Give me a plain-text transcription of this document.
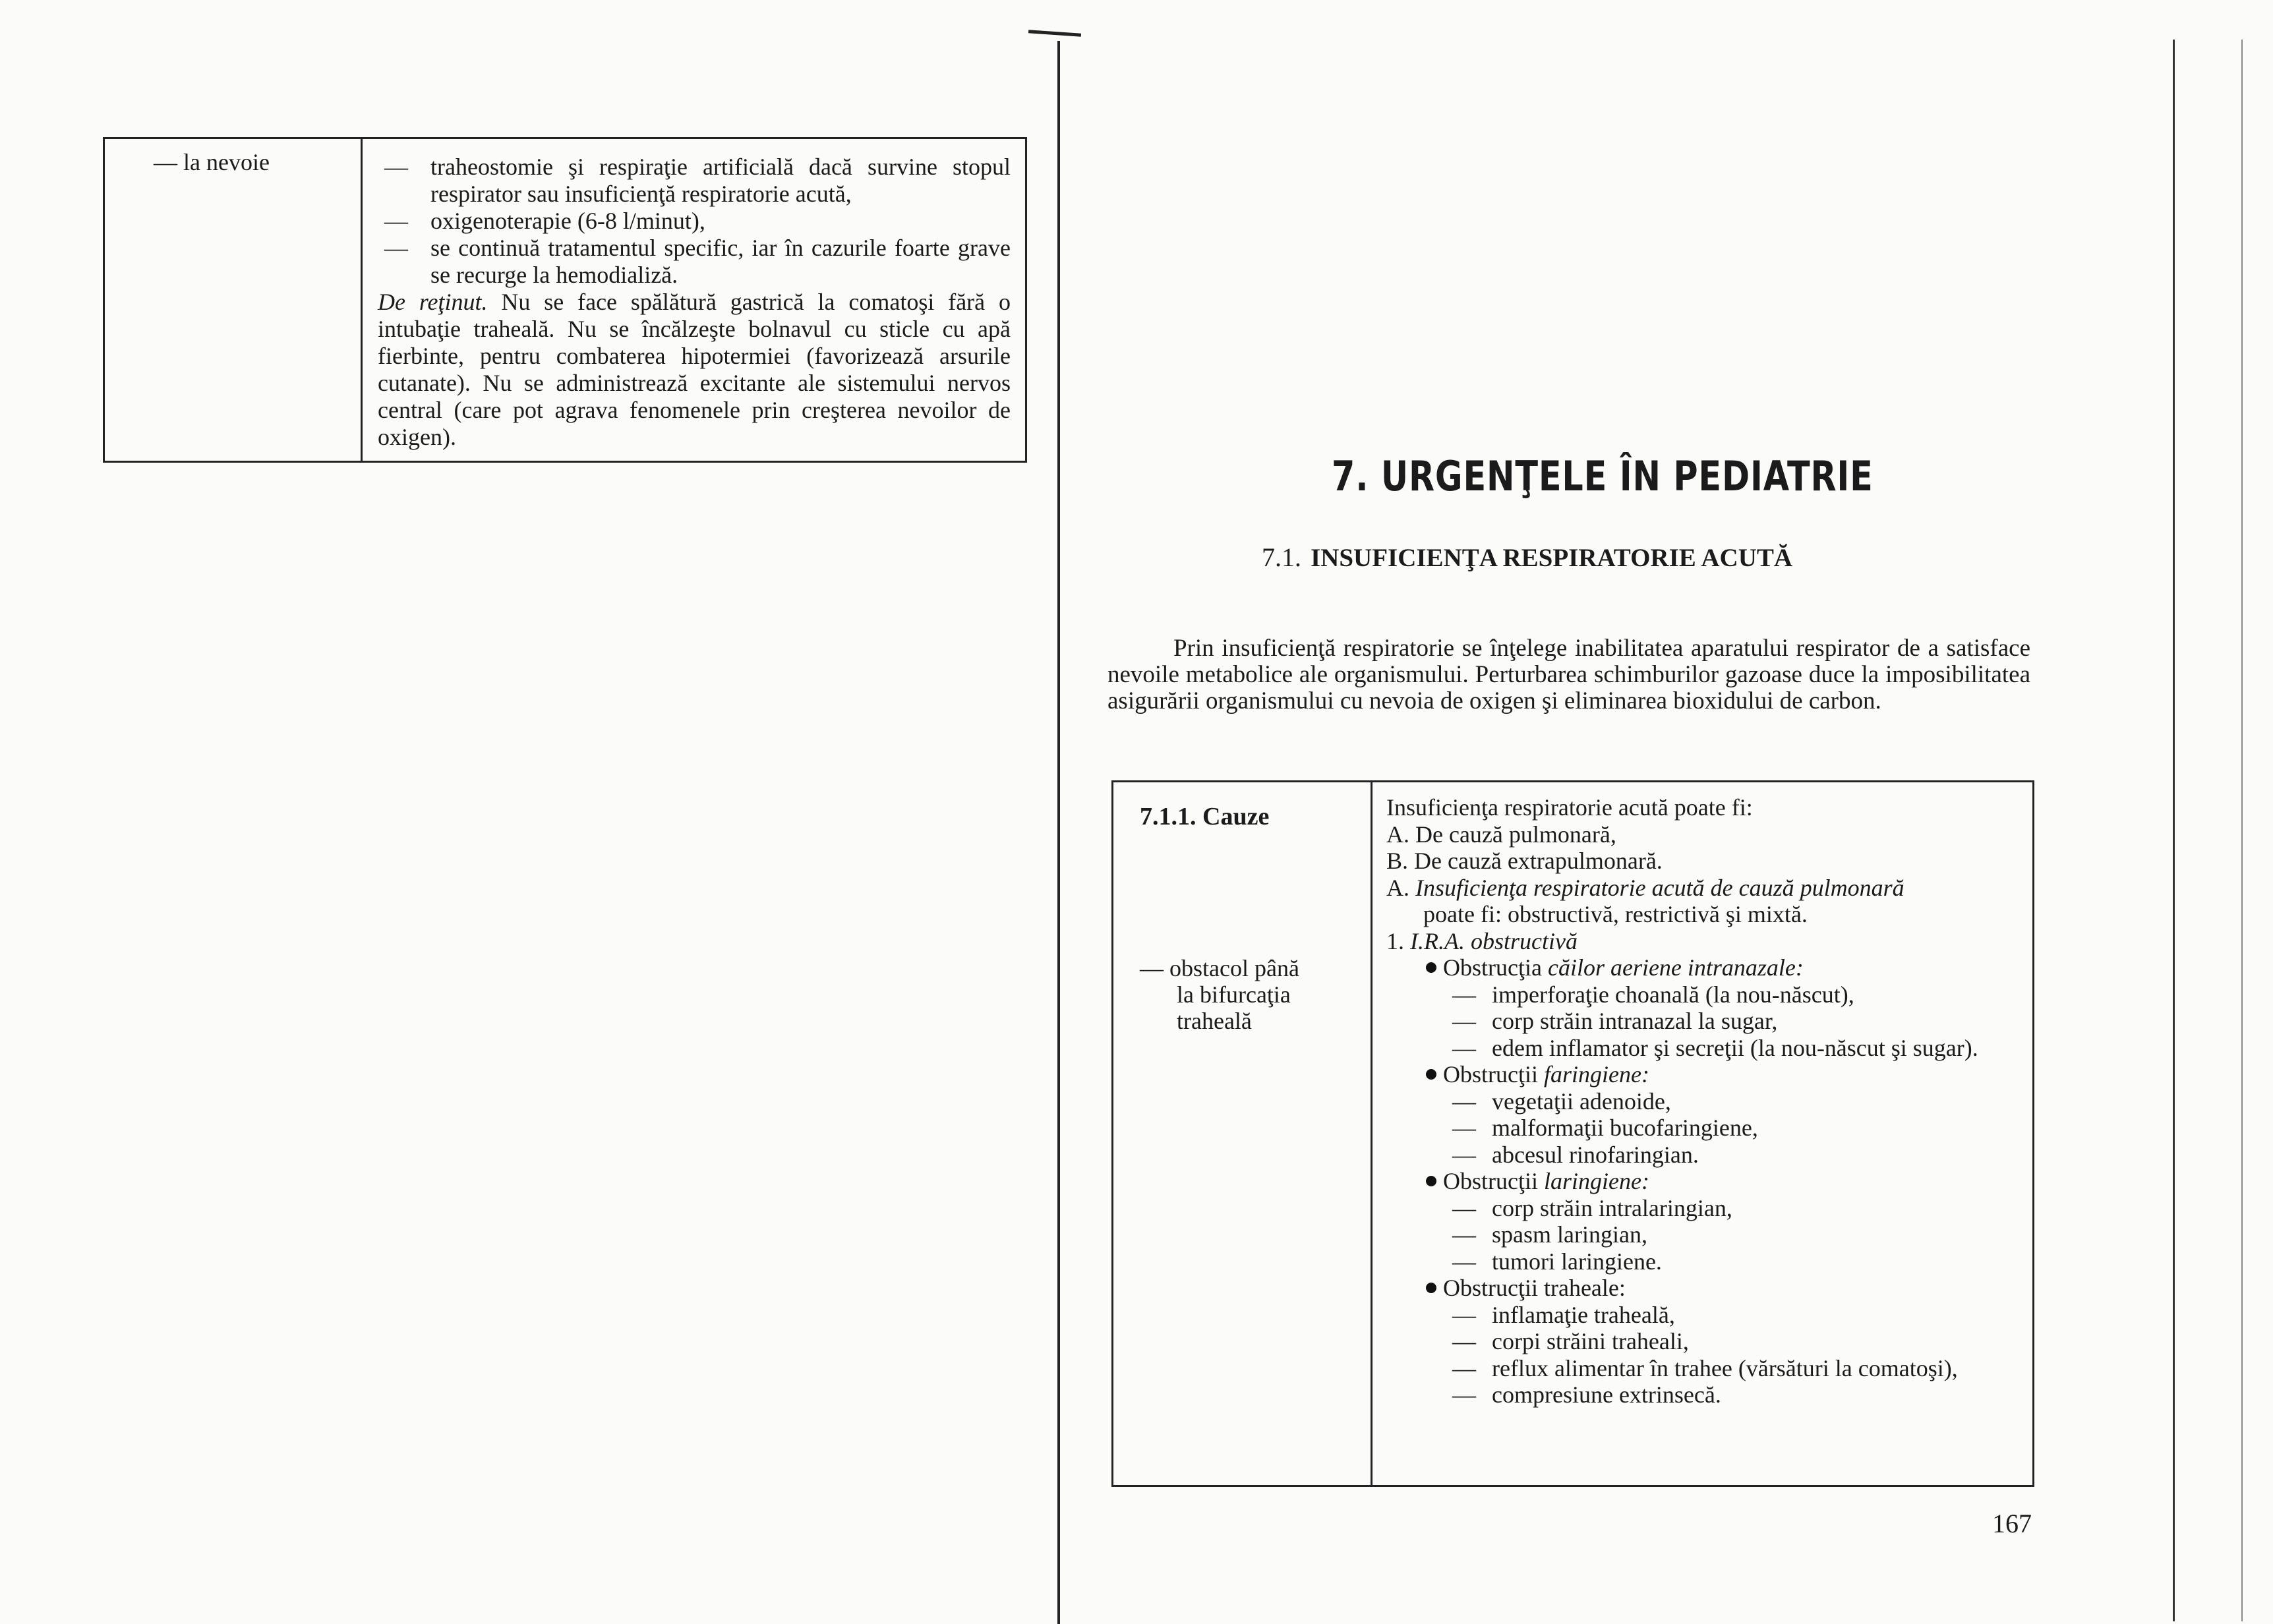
— la nevoie	— traheostomie şi respiraţie artificială dacă survine stopul respirator sau insuficienţă respiratorie acută,
— oxigenoterapie (6-8 l/minut),
— se continuă tratamentul specific, iar în cazurile foarte grave se recurge la hemodializă.
De reţinut. Nu se face spălătură gastrică la comatoşi fără o intubaţie traheală. Nu se încălzeşte bolnavul cu sticle cu apă fierbinte, pentru combaterea hipotermiei (favorizează arsurile cutanate). Nu se administrează excitante ale sistemului nervos central (care pot agrava fenomenele prin creşterea nevoilor de oxigen).
7. URGENŢELE ÎN PEDIATRIE
7.1. INSUFICIENŢA RESPIRATORIE ACUTĂ

Prin insuficienţă respiratorie se înţelege inabilitatea aparatului respirator de a satisface nevoile metabolice ale organismului. Perturbarea schimburilor gazoase duce la imposibilitatea asigurării organismului cu nevoia de oxigen şi eliminarea bioxidului de carbon.

7.1.1. Cauze
— obstacol până
la bifurcaţia
traheală
Insuficienţa respiratorie acută poate fi:
A. De cauză pulmonară,
B. De cauză extrapulmonară.
A. Insuficienţa respiratorie acută de cauză pulmonară
poate fi: obstructivă, restrictivă şi mixtă.
1. I.R.A. obstructivă
Obstrucţia căilor aeriene intranazale:
— imperforaţie choanală (la nou-născut),
— corp străin intranazal la sugar,
— edem inflamator şi secreţii (la nou-născut şi sugar).
Obstrucţii faringiene:
— vegetaţii adenoide,
— malformaţii bucofaringiene,
— abcesul rinofaringian.
Obstrucţii laringiene:
— corp străin intralaringian,
— spasm laringian,
— tumori laringiene.
Obstrucţii traheale:
— inflamaţie traheală,
— corpi străini traheali,
— reflux alimentar în trahee (vărsături la comatoşi),
— compresiune extrinsecă.
167
